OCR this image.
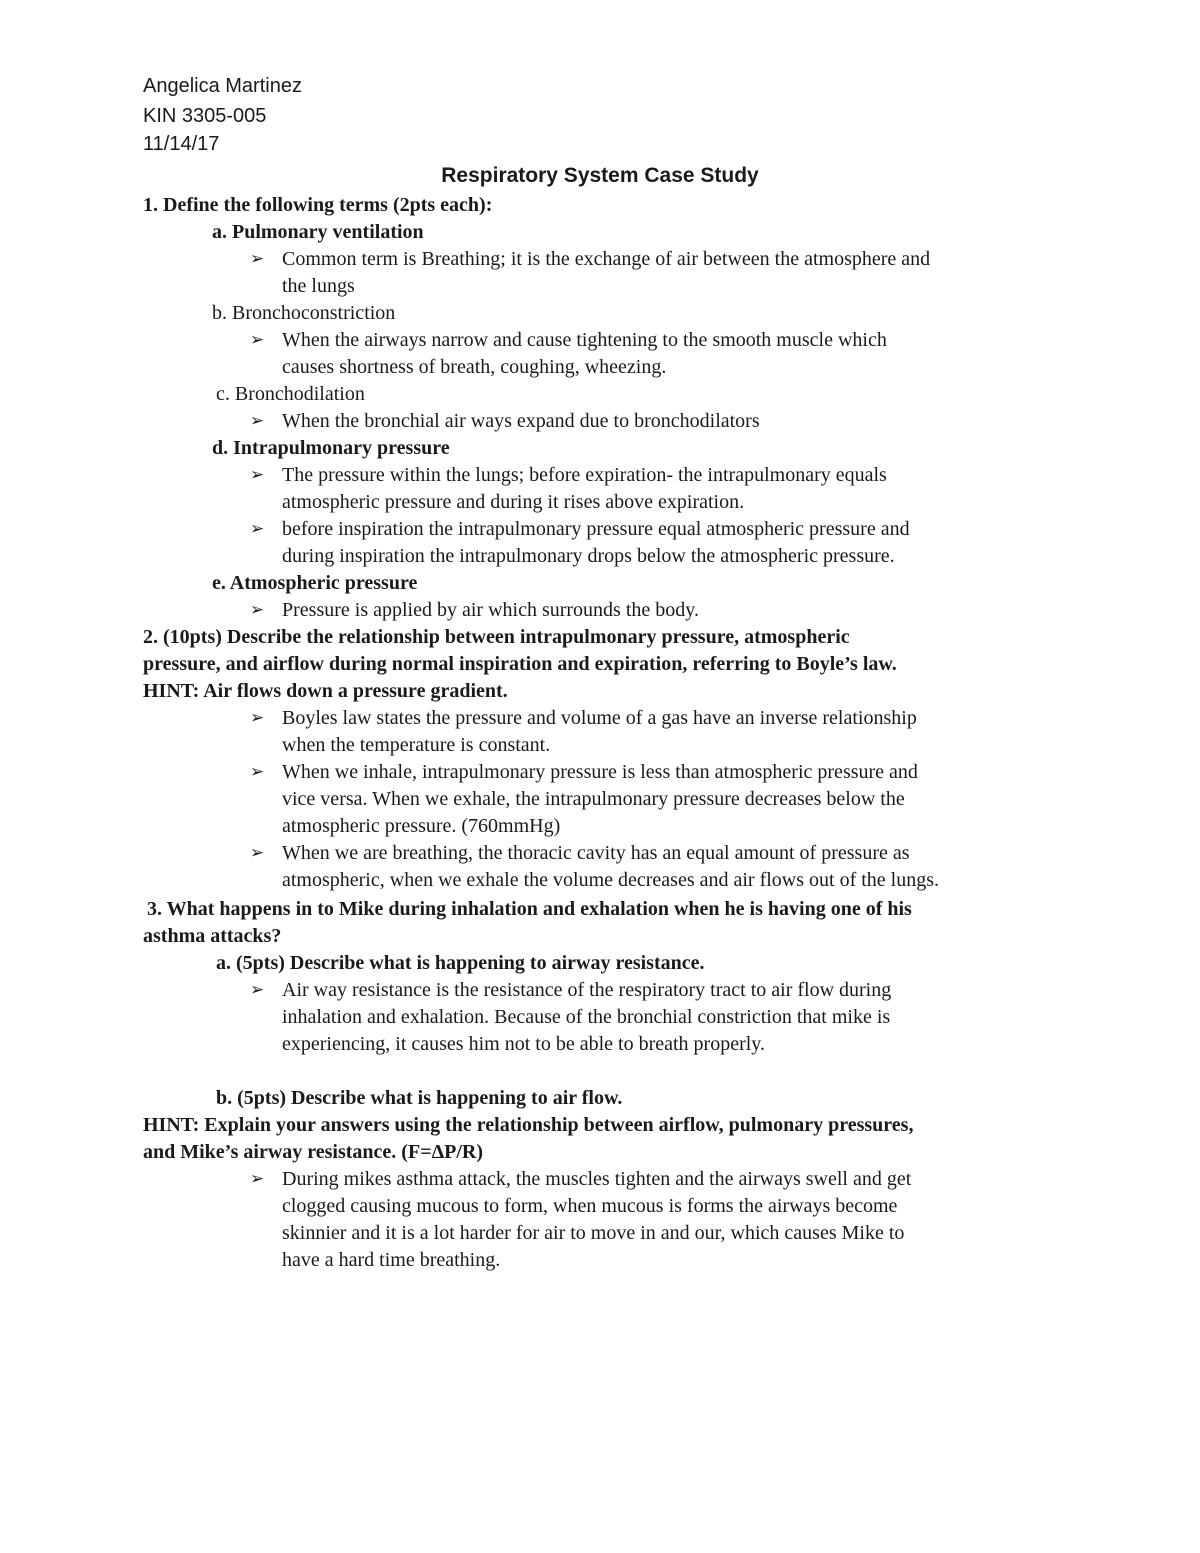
Angelica Martinez
KIN 3305-005
11/14/17
Respiratory System Case Study
1. Define the following terms (2pts each):
a. Pulmonary ventilation
➢ Common term is Breathing; it is the exchange of air between the atmosphere and
the lungs
b. Bronchoconstriction
➢ When the airways narrow and cause tightening to the smooth muscle which
causes shortness of breath, coughing, wheezing.
c. Bronchodilation
➢ When the bronchial air ways expand due to bronchodilators
d. Intrapulmonary pressure
➢ The pressure within the lungs; before expiration- the intrapulmonary equals
atmospheric pressure and during it rises above expiration.
➢ before inspiration the intrapulmonary pressure equal atmospheric pressure and
during inspiration the intrapulmonary drops below the atmospheric pressure.
e. Atmospheric pressure
➢ Pressure is applied by air which surrounds the body.
2. (10pts) Describe the relationship between intrapulmonary pressure, atmospheric
pressure, and airflow during normal inspiration and expiration, referring to Boyle’s law.
HINT: Air flows down a pressure gradient.
➢ Boyles law states the pressure and volume of a gas have an inverse relationship
when the temperature is constant.
➢ When we inhale, intrapulmonary pressure is less than atmospheric pressure and
vice versa. When we exhale, the intrapulmonary pressure decreases below the
atmospheric pressure. (760mmHg)
➢ When we are breathing, the thoracic cavity has an equal amount of pressure as
atmospheric, when we exhale the volume decreases and air flows out of the lungs.
3. What happens in to Mike during inhalation and exhalation when he is having one of his
asthma attacks?
a. (5pts) Describe what is happening to airway resistance.
➢ Air way resistance is the resistance of the respiratory tract to air flow during
inhalation and exhalation. Because of the bronchial constriction that mike is
experiencing, it causes him not to be able to breath properly.
b. (5pts) Describe what is happening to air flow.
HINT: Explain your answers using the relationship between airflow, pulmonary pressures,
and Mike’s airway resistance. (F=ΔP/R)
➢ During mikes asthma attack, the muscles tighten and the airways swell and get
clogged causing mucous to form, when mucous is forms the airways become
skinnier and it is a lot harder for air to move in and our, which causes Mike to
have a hard time breathing.
